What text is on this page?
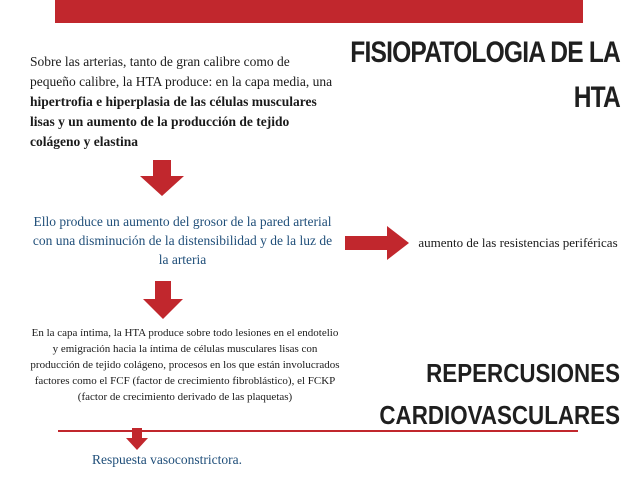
FISIOPATOLOGIA DE LA
HTA
Sobre las arterias, tanto de gran calibre como de pequeño calibre, la HTA produce: en la capa media, una hipertrofia e hiperplasia de las células musculares lisas y un aumento de la producción de tejido colágeno y elastina
Ello produce un aumento del grosor de la pared arterial con una disminución de la distensibilidad y de la luz de la arteria
aumento de las resistencias periféricas
En la capa íntima, la HTA produce sobre todo lesiones en el endotelio y emigración hacia la íntima de células musculares lisas con producción de tejido colágeno, procesos en los que están involucrados factores como el FCF (factor de crecimiento fibroblástico), el FCKP (factor de crecimiento derivado de las plaquetas)
REPERCUSIONES
CARDIOVASCULARES
Respuesta vasoconstrictora.
